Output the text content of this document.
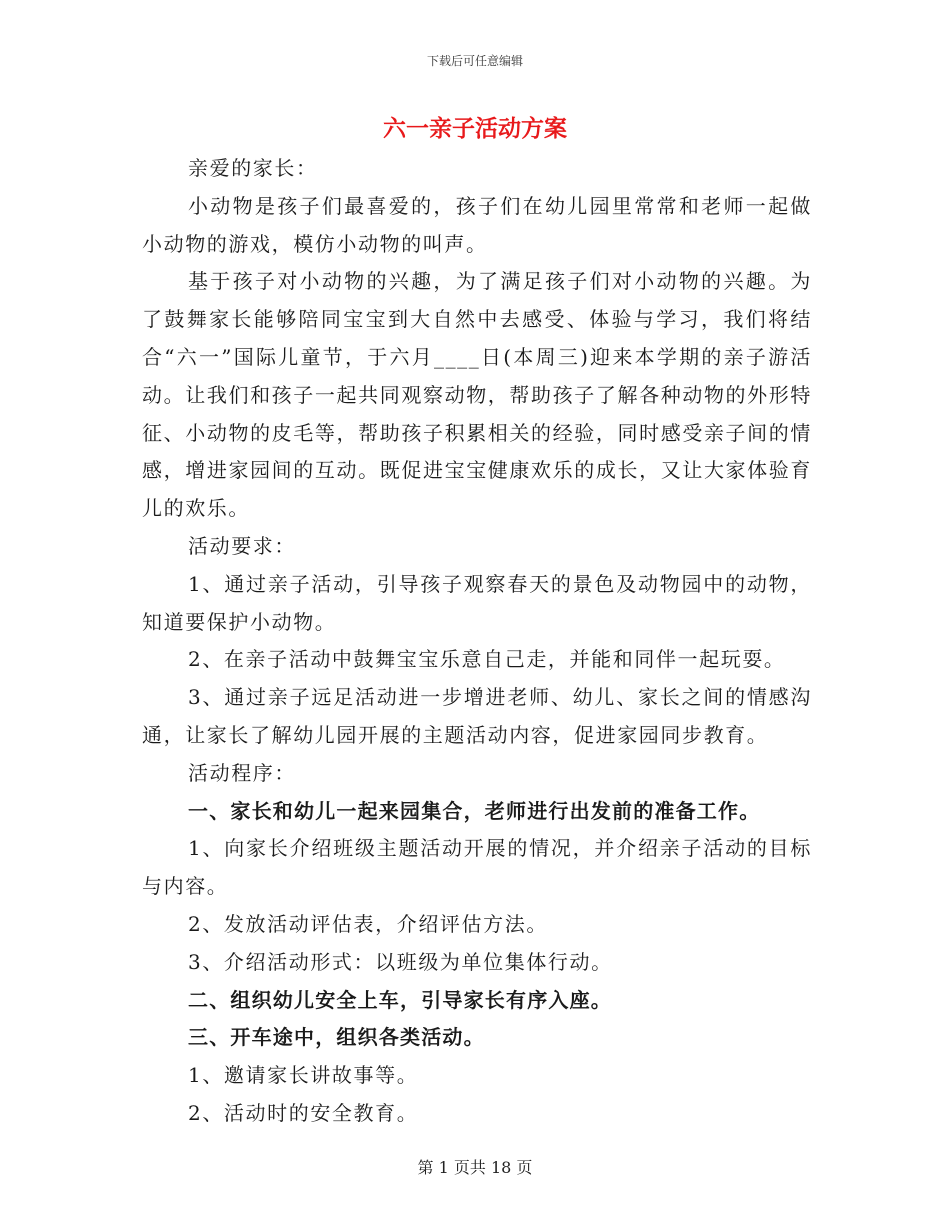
下载后可任意编辑
六一亲子活动方案

亲爱的家长：

小动物是孩子们最喜爱的，孩子们在幼儿园里常常和老师一起做小动物的游戏，模仿小动物的叫声。

基于孩子对小动物的兴趣，为了满足孩子们对小动物的兴趣。为了鼓舞家长能够陪同宝宝到大自然中去感受、体验与学习，我们将结合“六一”国际儿童节，于六月____日(本周三)迎来本学期的亲子游活动。让我们和孩子一起共同观察动物，帮助孩子了解各种动物的外形特征、小动物的皮毛等，帮助孩子积累相关的经验，同时感受亲子间的情感，增进家园间的互动。既促进宝宝健康欢乐的成长，又让大家体验育儿的欢乐。

活动要求：

1、通过亲子活动，引导孩子观察春天的景色及动物园中的动物，知道要保护小动物。

2、在亲子活动中鼓舞宝宝乐意自己走，并能和同伴一起玩耍。

3、通过亲子远足活动进一步增进老师、幼儿、家长之间的情感沟通，让家长了解幼儿园开展的主题活动内容，促进家园同步教育。

活动程序：

一、家长和幼儿一起来园集合，老师进行出发前的准备工作。

1、向家长介绍班级主题活动开展的情况，并介绍亲子活动的目标与内容。

2、发放活动评估表，介绍评估方法。

3、介绍活动形式：以班级为单位集体行动。

二、组织幼儿安全上车，引导家长有序入座。

三、开车途中，组织各类活动。

1、邀请家长讲故事等。

2、活动时的安全教育。

第 1 页共 18 页
